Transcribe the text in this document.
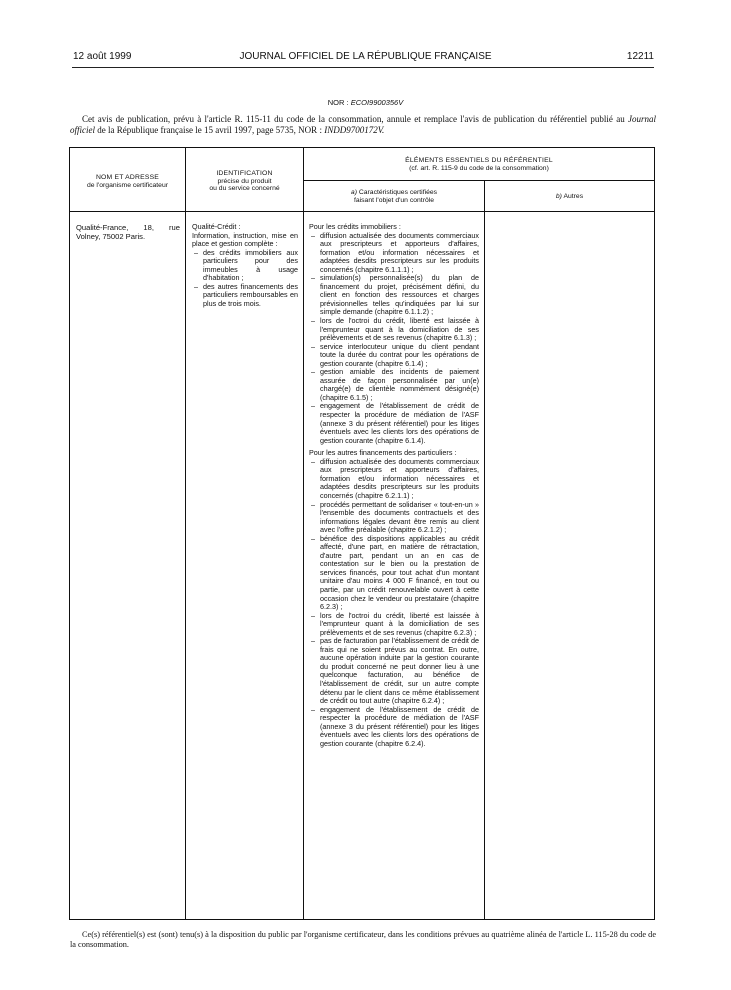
12 août 1999	JOURNAL OFFICIEL DE LA RÉPUBLIQUE FRANÇAISE	12211
NOR : ECOI9900356V

Cet avis de publication, prévu à l'article R. 115-11 du code de la consommation, annule et remplace l'avis de publication du référentiel publié au Journal officiel de la République française le 15 avril 1997, page 5735, NOR : INDD9700172V.

NOM ET ADRESSE
de l'organisme certificateur
IDENTIFICATION
précise du produit
ou du service concerné
ÉLÉMENTS ESSENTIELS DU RÉFÉRENTIEL
(cf. art. R. 115-9 du code de la consommation)
a) Caractéristiques certifiées
faisant l'objet d'un contrôle
b) Autres
Qualité-France, 18, rue Volney, 75002 Paris.
Qualité-Crédit :
Information, instruction, mise en place et gestion complète :
– des crédits immobiliers aux particuliers pour des immeubles à usage d'habitation ;
– des autres financements des particuliers remboursables en plus de trois mois.
Pour les crédits immobiliers :
– diffusion actualisée des documents commerciaux aux prescripteurs et apporteurs d'affaires, formation et/ou information nécessaires et adaptées desdits prescripteurs sur les produits concernés (chapitre 6.1.1.1) ;
– simulation(s) personnalisée(s) du plan de financement du projet, précisément défini, du client en fonction des ressources et charges prévisionnelles telles qu'indiquées par lui sur simple demande (chapitre 6.1.1.2) ;
– lors de l'octroi du crédit, liberté est laissée à l'emprunteur quant à la domiciliation de ses prélèvements et de ses revenus (chapitre 6.1.3) ;
– service interlocuteur unique du client pendant toute la durée du contrat pour les opérations de gestion courante (chapitre 6.1.4) ;
– gestion amiable des incidents de paiement assurée de façon personnalisée par un(e) chargé(e) de clientèle nommément désigné(e) (chapitre 6.1.5) ;
– engagement de l'établissement de crédit de respecter la procédure de médiation de l'ASF (annexe 3 du présent référentiel) pour les litiges éventuels avec les clients lors des opérations de gestion courante (chapitre 6.1.4).
Pour les autres financements des particuliers :
– diffusion actualisée des documents commerciaux aux prescripteurs et apporteurs d'affaires, formation et/ou information nécessaires et adaptées desdits prescripteurs sur les produits concernés (chapitre 6.2.1.1) ;
– procédés permettant de solidariser « tout-en-un » l'ensemble des documents contractuels et des informations légales devant être remis au client avec l'offre préalable (chapitre 6.2.1.2) ;
– bénéfice des dispositions applicables au crédit affecté, d'une part, en matière de rétractation, d'autre part, pendant un an en cas de contestation sur le bien ou la prestation de services financés, pour tout achat d'un montant unitaire d'au moins 4 000 F financé, en tout ou partie, par un crédit renouvelable ouvert à cette occasion chez le vendeur ou prestataire (chapitre 6.2.3) ;
– lors de l'octroi du crédit, liberté est laissée à l'emprunteur quant à la domiciliation de ses prélèvements et de ses revenus (chapitre 6.2.3) ;
– pas de facturation par l'établissement de crédit de frais qui ne soient prévus au contrat. En outre, aucune opération induite par la gestion courante du produit concerné ne peut donner lieu à une quelconque facturation, au bénéfice de l'établissement de crédit, sur un autre compte détenu par le client dans ce même établissement de crédit ou tout autre (chapitre 6.2.4) ;
– engagement de l'établissement de crédit de respecter la procédure de médiation de l'ASF (annexe 3 du présent référentiel) pour les litiges éventuels avec les clients lors des opérations de gestion courante (chapitre 6.2.4).

Ce(s) référentiel(s) est (sont) tenu(s) à la disposition du public par l'organisme certificateur, dans les conditions prévues au quatrième alinéa de l'article L. 115-28 du code de la consommation.
